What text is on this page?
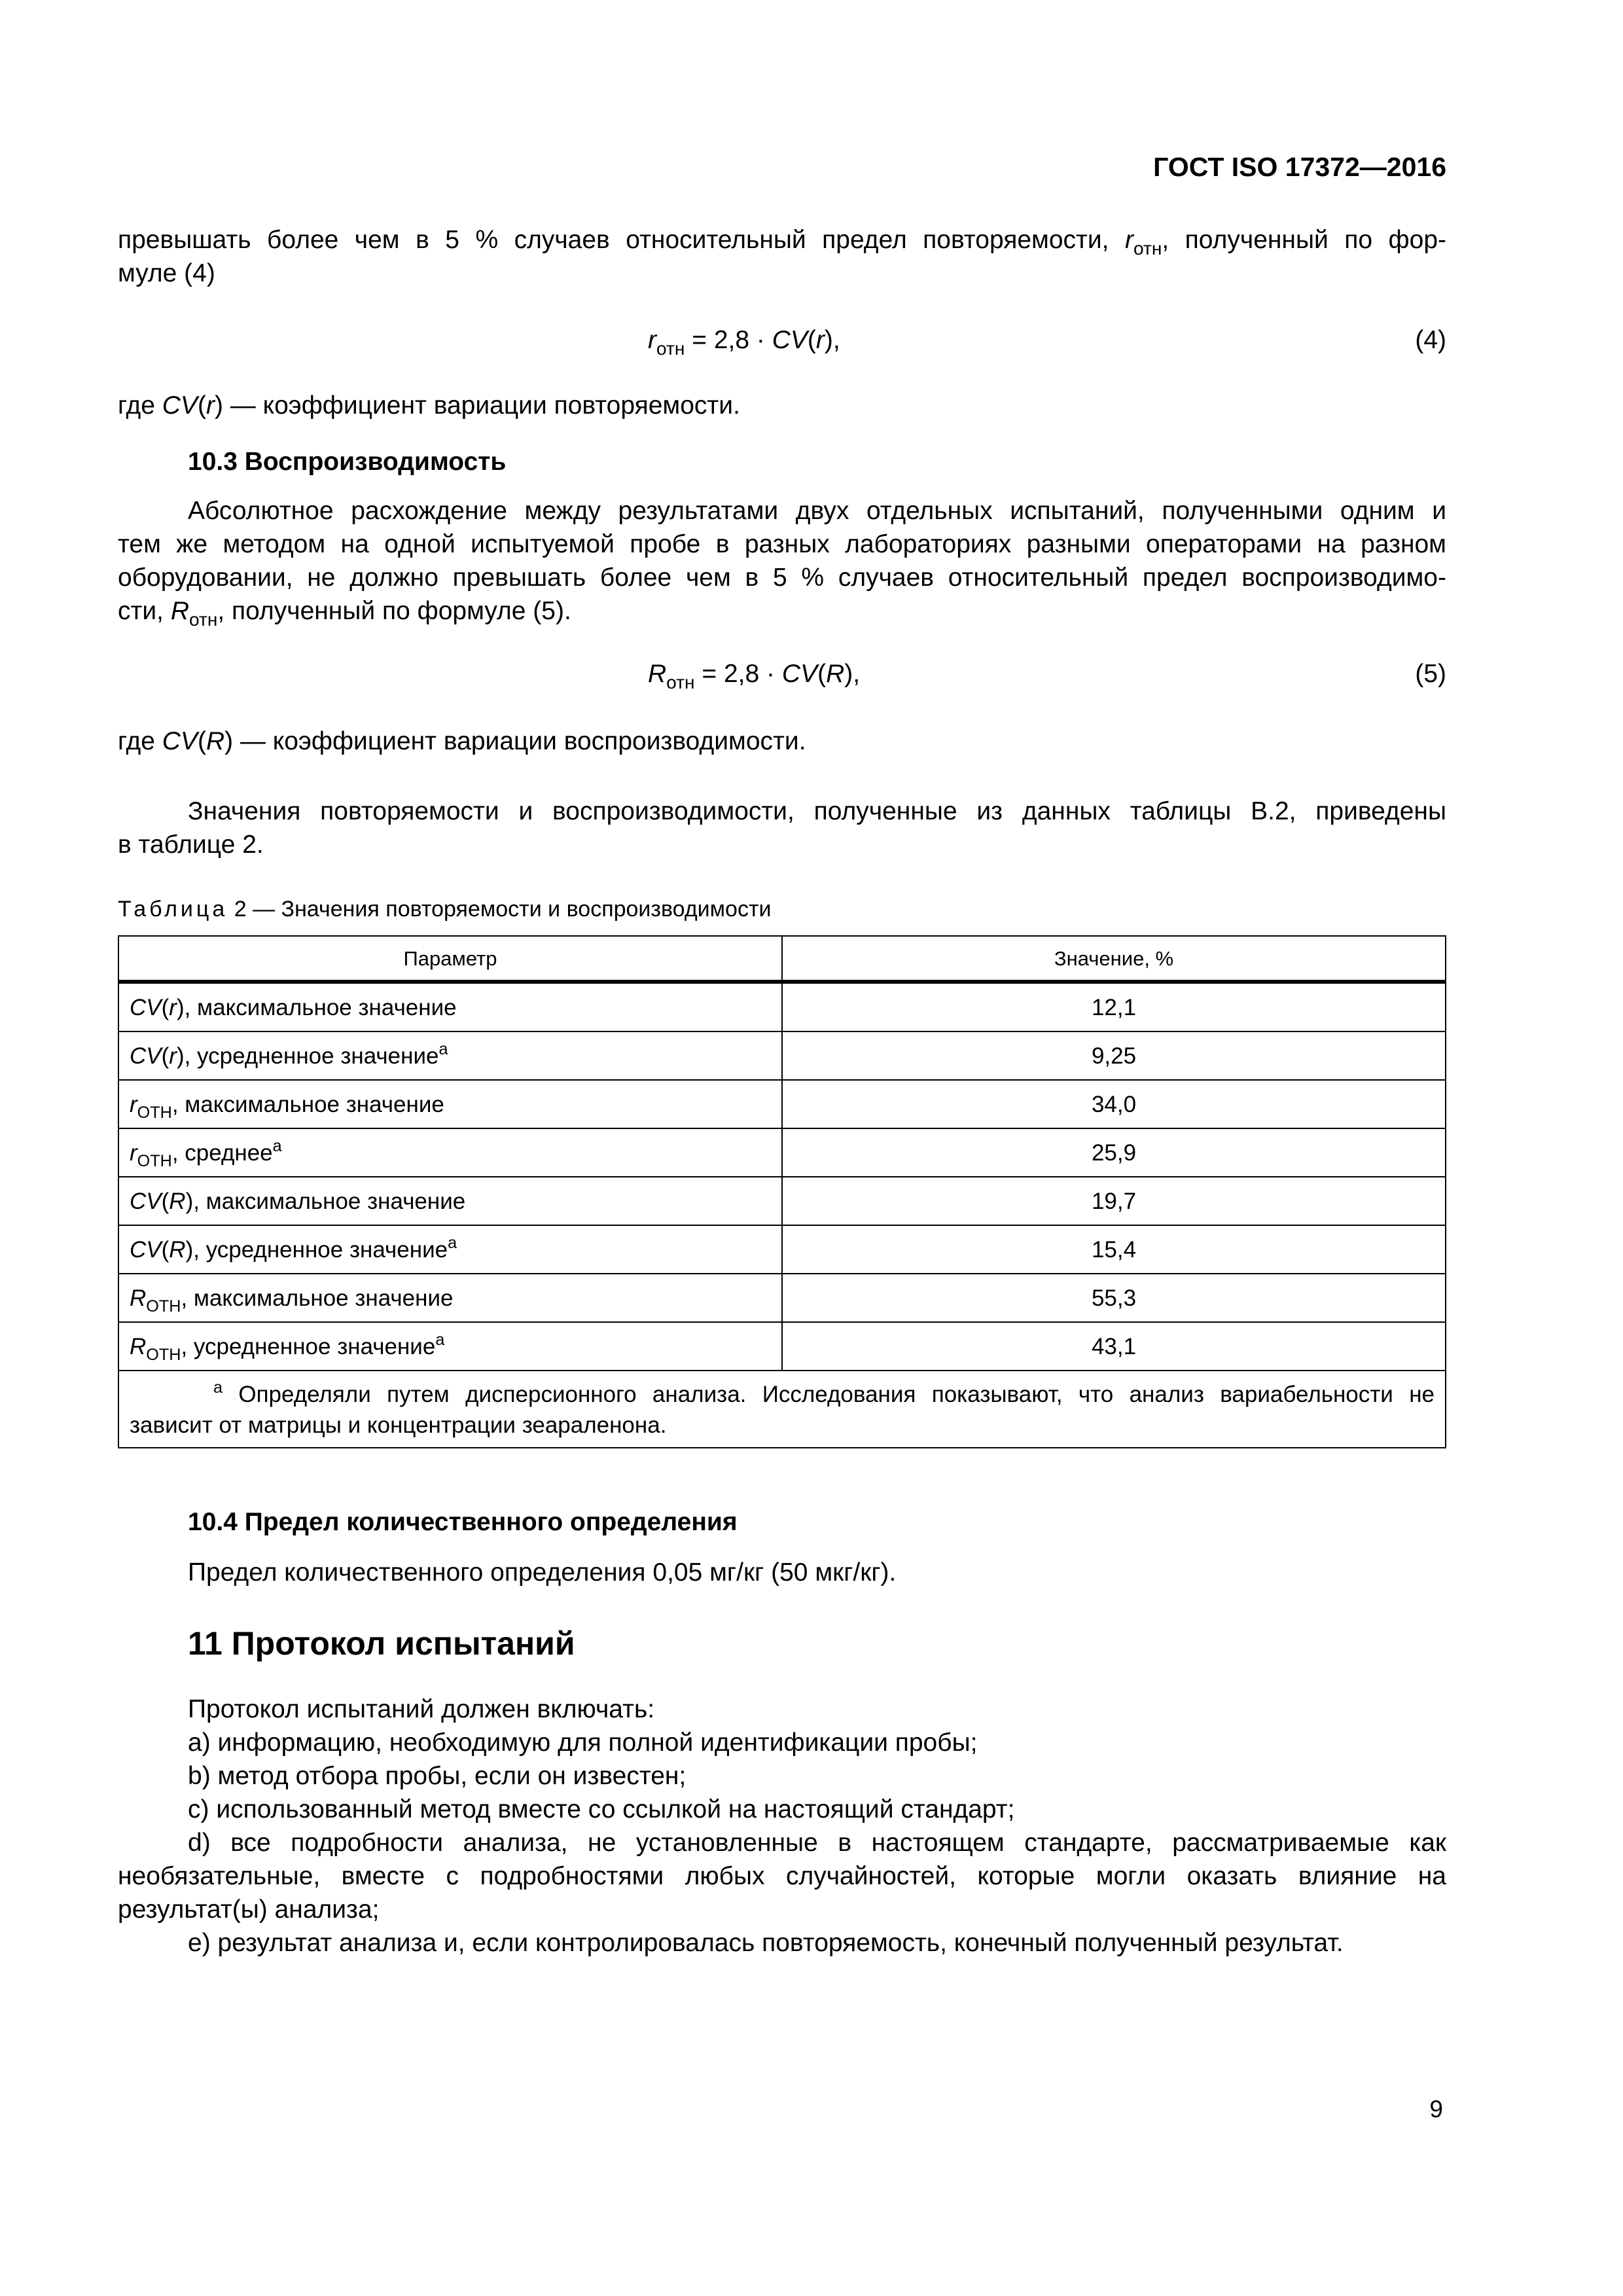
ГОСТ ISO 17372—2016
превышать более чем в 5 % случаев относительный предел повторяемости, $r_{отн}$, полученный по фор-
муле (4)
$r_{отн} = 2,8 \cdot CV(r)$,	(4)
где CV(r) — коэффициент вариации повторяемости.
10.3 Воспроизводимость
Абсолютное расхождение между результатами двух отдельных испытаний, полученными одним и
тем же методом на одной испытуемой пробе в разных лабораториях разными операторами на разном
оборудовании, не должно превышать более чем в 5 % случаев относительный предел воспроизводимо-
сти, $R_{отн}$, полученный по формуле (5).
$R_{отн} = 2,8 \cdot CV(R)$,	(5)
где CV(R) — коэффициент вариации воспроизводимости.
Значения повторяемости и воспроизводимости, полученные из данных таблицы B.2, приведены
в таблице 2.
Таблица 2 — Значения повторяемости и воспроизводимости
Параметр	Значение, %
CV(r), максимальное значение	12,1
CV(r), усредненное значение$^a$	9,25
$r_{OTH}$, максимальное значение	34,0
$r_{OTH}$, среднее$^a$	25,9
CV(R), максимальное значение	19,7
CV(R), усредненное значение$^a$	15,4
$R_{OTH}$, максимальное значение	55,3
$R_{OTH}$, усредненное значение$^a$	43,1

$^a$ Определяли путем дисперсионного анализа. Исследования показывают, что анализ вариабельности не
зависит от матрицы и концентрации зеараленона.	
10.4 Предел количественного определения
Предел количественного определения 0,05 мг/кг (50 мкг/кг).
11 Протокол испытаний
Протокол испытаний должен включать:
a) информацию, необходимую для полной идентификации пробы;
b) метод отбора пробы, если он известен;
c) использованный метод вместе со ссылкой на настоящий стандарт;
d) все подробности анализа, не установленные в настоящем стандарте, рассматриваемые как
необязательные, вместе с подробностями любых случайностей, которые могли оказать влияние на
результат(ы) анализа;
e) результат анализа и, если контролировалась повторяемость, конечный полученный результат.
9
